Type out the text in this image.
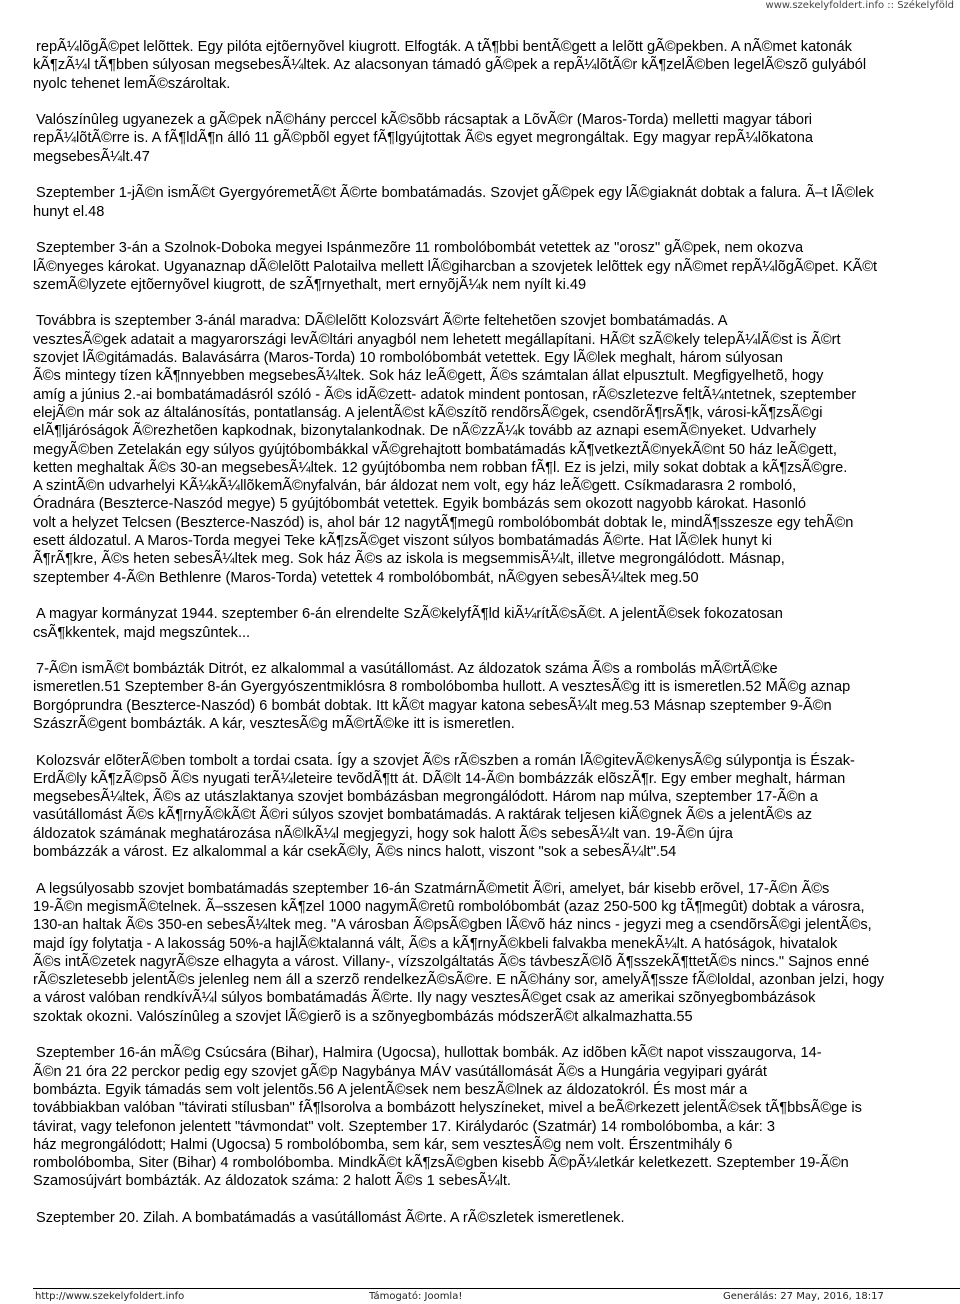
www.szekelyfoldert.info :: Székelyföld
repÃ¼lõgÃ©pet lelõttek. Egy pilóta ejtõernyõvel kiugrott. Elfogták. A tÃ¶bbi bentÃ©gett a lelõtt gÃ©pekben. A nÃ©met katonák
kÃ¶zÃ¼l tÃ¶bben súlyosan megsebesÃ¼ltek. Az alacsonyan támadó gÃ©pek a repÃ¼lõtÃ©r kÃ¶zelÃ©ben legelÃ©szõ gulyából
nyolc tehenet lemÃ©szároltak.
Valószínûleg ugyanezek a gÃ©pek nÃ©hány perccel kÃ©sõbb rácsaptak a LõvÃ©r (Maros-Torda) melletti magyar tábori
repÃ¼lõtÃ©rre is. A fÃ¶ldÃ¶n álló 11 gÃ©pbõl egyet fÃ¶lgyújtottak Ã©s egyet megrongáltak. Egy magyar repÃ¼lõkatona
megsebesÃ¼lt.47
Szeptember 1-jÃ©n ismÃ©t GyergyóremetÃ©t Ã©rte bombatámadás. Szovjet gÃ©pek egy lÃ©giaknát dobtak a falura. Ã–t lÃ©lek
hunyt el.48
Szeptember 3-án a Szolnok-Doboka megyei Ispánmezõre 11 rombolóbombát vetettek az "orosz" gÃ©pek, nem okozva
lÃ©nyeges károkat. Ugyanaznap dÃ©lelõtt Palotailva mellett lÃ©giharcban a szovjetek lelõttek egy nÃ©met repÃ¼lõgÃ©pet. KÃ©t
szemÃ©lyzete ejtõernyõvel kiugrott, de szÃ¶rnyethalt, mert ernyõjÃ¼k nem nyílt ki.49
Továbbra is szeptember 3-ánál maradva: DÃ©lelõtt Kolozsvárt Ã©rte feltehetõen szovjet bombatámadás. A
vesztesÃ©gek adatait a magyarországi levÃ©ltári anyagból nem lehetett megállapítani. HÃ©t szÃ©kely telepÃ¼lÃ©st is Ã©rt
szovjet lÃ©gitámadás. Balavásárra (Maros-Torda) 10 rombolóbombát vetettek. Egy lÃ©lek meghalt, három súlyosan
Ã©s mintegy tízen kÃ¶nnyebben megsebesÃ¼ltek. Sok ház leÃ©gett, Ã©s számtalan állat elpusztult. Megfigyelhetõ, hogy
amíg a június 2.-ai bombatámadásról szóló - Ã©s idÃ©zett- adatok mindent pontosan, rÃ©szletezve feltÃ¼ntetnek, szeptember
elejÃ©n már sok az általánosítás, pontatlanság. A jelentÃ©st kÃ©szítõ rendõrsÃ©gek, csendõrÃ¶rsÃ¶k, városi-kÃ¶zsÃ©gi
elÃ¶ljáróságok Ã©rezhetõen kapkodnak, bizonytalankodnak. De nÃ©zzÃ¼k tovább az aznapi esemÃ©nyeket. Udvarhely
megyÃ©ben Zetelakán egy súlyos gyújtóbombákkal vÃ©grehajtott bombatámadás kÃ¶vetkeztÃ©nyekÃ©nt 50 ház leÃ©gett,
ketten meghaltak Ã©s 30-an megsebesÃ¼ltek. 12 gyújtóbomba nem robban fÃ¶l. Ez is jelzi, mily sokat dobtak a kÃ¶zsÃ©gre.
A szintÃ©n udvarhelyi KÃ¼kÃ¼llõkemÃ©nyfalván, bár áldozat nem volt, egy ház leÃ©gett. Csíkmadarasra 2 romboló,
Óradnára (Beszterce-Naszód megye) 5 gyújtóbombát vetettek. Egyik bombázás sem okozott nagyobb károkat. Hasonló
volt a helyzet Telcsen (Beszterce-Naszód) is, ahol bár 12 nagytÃ¶megû rombolóbombát dobtak le, mindÃ¶sszesze egy tehÃ©n
esett áldozatul. A Maros-Torda megyei Teke kÃ¶zsÃ©get viszont súlyos bombatámadás Ã©rte. Hat lÃ©lek hunyt ki
Ã¶rÃ¶kre, Ã©s heten sebesÃ¼ltek meg. Sok ház Ã©s az iskola is megsemmisÃ¼lt, illetve megrongálódott. Másnap,
szeptember 4-Ã©n Bethlenre (Maros-Torda) vetettek 4 rombolóbombát, nÃ©gyen sebesÃ¼ltek meg.50
A magyar kormányzat 1944. szeptember 6-án elrendelte SzÃ©kelyfÃ¶ld kiÃ¼rítÃ©sÃ©t. A jelentÃ©sek fokozatosan
csÃ¶kkentek, majd megszûntek...
7-Ã©n ismÃ©t bombázták Ditrót, ez alkalommal a vasútállomást. Az áldozatok száma Ã©s a rombolás mÃ©rtÃ©ke
ismeretlen.51 Szeptember 8-án Gyergyószentmiklósra 8 rombolóbomba hullott. A vesztesÃ©g itt is ismeretlen.52 MÃ©g aznap
Borgóprundra (Beszterce-Naszód) 6 bombát dobtak. Itt kÃ©t magyar katona sebesÃ¼lt meg.53 Másnap szeptember 9-Ã©n
SzászrÃ©gent bombázták. A kár, vesztesÃ©g mÃ©rtÃ©ke itt is ismeretlen.
Kolozsvár elõterÃ©ben tombolt a tordai csata. Így a szovjet Ã©s rÃ©szben a román lÃ©gitevÃ©kenysÃ©g súlypontja is Észak-
ErdÃ©ly kÃ¶zÃ©psõ Ã©s nyugati terÃ¼leteire tevõdÃ¶tt át. DÃ©lt 14-Ã©n bombázzák elõszÃ¶r. Egy ember meghalt, hárman
megsebesÃ¼ltek, Ã©s az utászlaktanya szovjet bombázásban megrongálódott. Három nap múlva, szeptember 17-Ã©n a
vasútállomást Ã©s kÃ¶rnyÃ©kÃ©t Ã©ri súlyos szovjet bombatámadás. A raktárak teljesen kiÃ©gnek Ã©s a jelentÃ©s az
áldozatok számának meghatározása nÃ©lkÃ¼l megjegyzi, hogy sok halott Ã©s sebesÃ¼lt van. 19-Ã©n újra
bombázzák a várost. Ez alkalommal a kár csekÃ©ly, Ã©s nincs halott, viszont "sok a sebesÃ¼lt".54
A legsúlyosabb szovjet bombatámadás szeptember 16-án SzatmárnÃ©metit Ã©ri, amelyet, bár kisebb erõvel, 17-Ã©n Ã©s
19-Ã©n megismÃ©telnek. Ã–sszesen kÃ¶zel 1000 nagymÃ©retû rombolóbombát (azaz 250-500 kg tÃ¶megût) dobtak a városra,
130-an haltak Ã©s 350-en sebesÃ¼ltek meg. "A városban Ã©psÃ©gben lÃ©võ ház nincs - jegyzi meg a csendõrsÃ©gi jelentÃ©s,
majd így folytatja - A lakosság 50%-a hajlÃ©ktalanná vált, Ã©s a kÃ¶rnyÃ©kbeli falvakba menekÃ¼lt. A hatóságok, hivatalok
Ã©s intÃ©zetek nagyrÃ©sze elhagyta a várost. Villany-, vízszolgáltatás Ã©s távbeszÃ©lõ Ã¶sszekÃ¶ttetÃ©s nincs." Sajnos enné
rÃ©szletesebb jelentÃ©s jelenleg nem áll a szerzõ rendelkezÃ©sÃ©re. E nÃ©hány sor, amelyÃ¶ssze fÃ©loldal, azonban jelzi, hogy
a várost valóban rendkívÃ¼l súlyos bombatámadás Ã©rte. Ily nagy vesztesÃ©get csak az amerikai szõnyegbombázások
szoktak okozni. Valószínûleg a szovjet lÃ©gierõ is a szõnyegbombázás módszerÃ©t alkalmazhatta.55
Szeptember 16-án mÃ©g Csúcsára (Bihar), Halmira (Ugocsa), hullottak bombák. Az idõben kÃ©t napot visszaugorva, 14-
Ã©n 21 óra 22 perckor pedig egy szovjet gÃ©p Nagybánya MÁV vasútállomását Ã©s a Hungária vegyipari gyárát
bombázta. Egyik támadás sem volt jelentõs.56 A jelentÃ©sek nem beszÃ©lnek az áldozatokról. És most már a
továbbiakban valóban "távirati stílusban" fÃ¶lsorolva a bombázott helyszíneket, mivel a beÃ©rkezett jelentÃ©sek tÃ¶bbsÃ©ge is
távirat, vagy telefonon jelentett "távmondat" volt. Szeptember 17. Királydaróc (Szatmár) 14 rombolóbomba, a kár: 3
ház megrongálódott; Halmi (Ugocsa) 5 rombolóbomba, sem kár, sem vesztesÃ©g nem volt. Érszentmihály 6
rombolóbomba, Siter (Bihar) 4 rombolóbomba. MindkÃ©t kÃ¶zsÃ©gben kisebb Ã©pÃ¼letkár keletkezett. Szeptember 19-Ã©n
Szamosújvárt bombázták. Az áldozatok száma: 2 halott Ã©s 1 sebesÃ¼lt.
Szeptember 20. Zilah. A bombatámadás a vasútállomást Ã©rte. A rÃ©szletek ismeretlenek.
http://www.szekelyfoldert.info	Támogató: Joomla!	Generálás: 27 May, 2016, 18:17
